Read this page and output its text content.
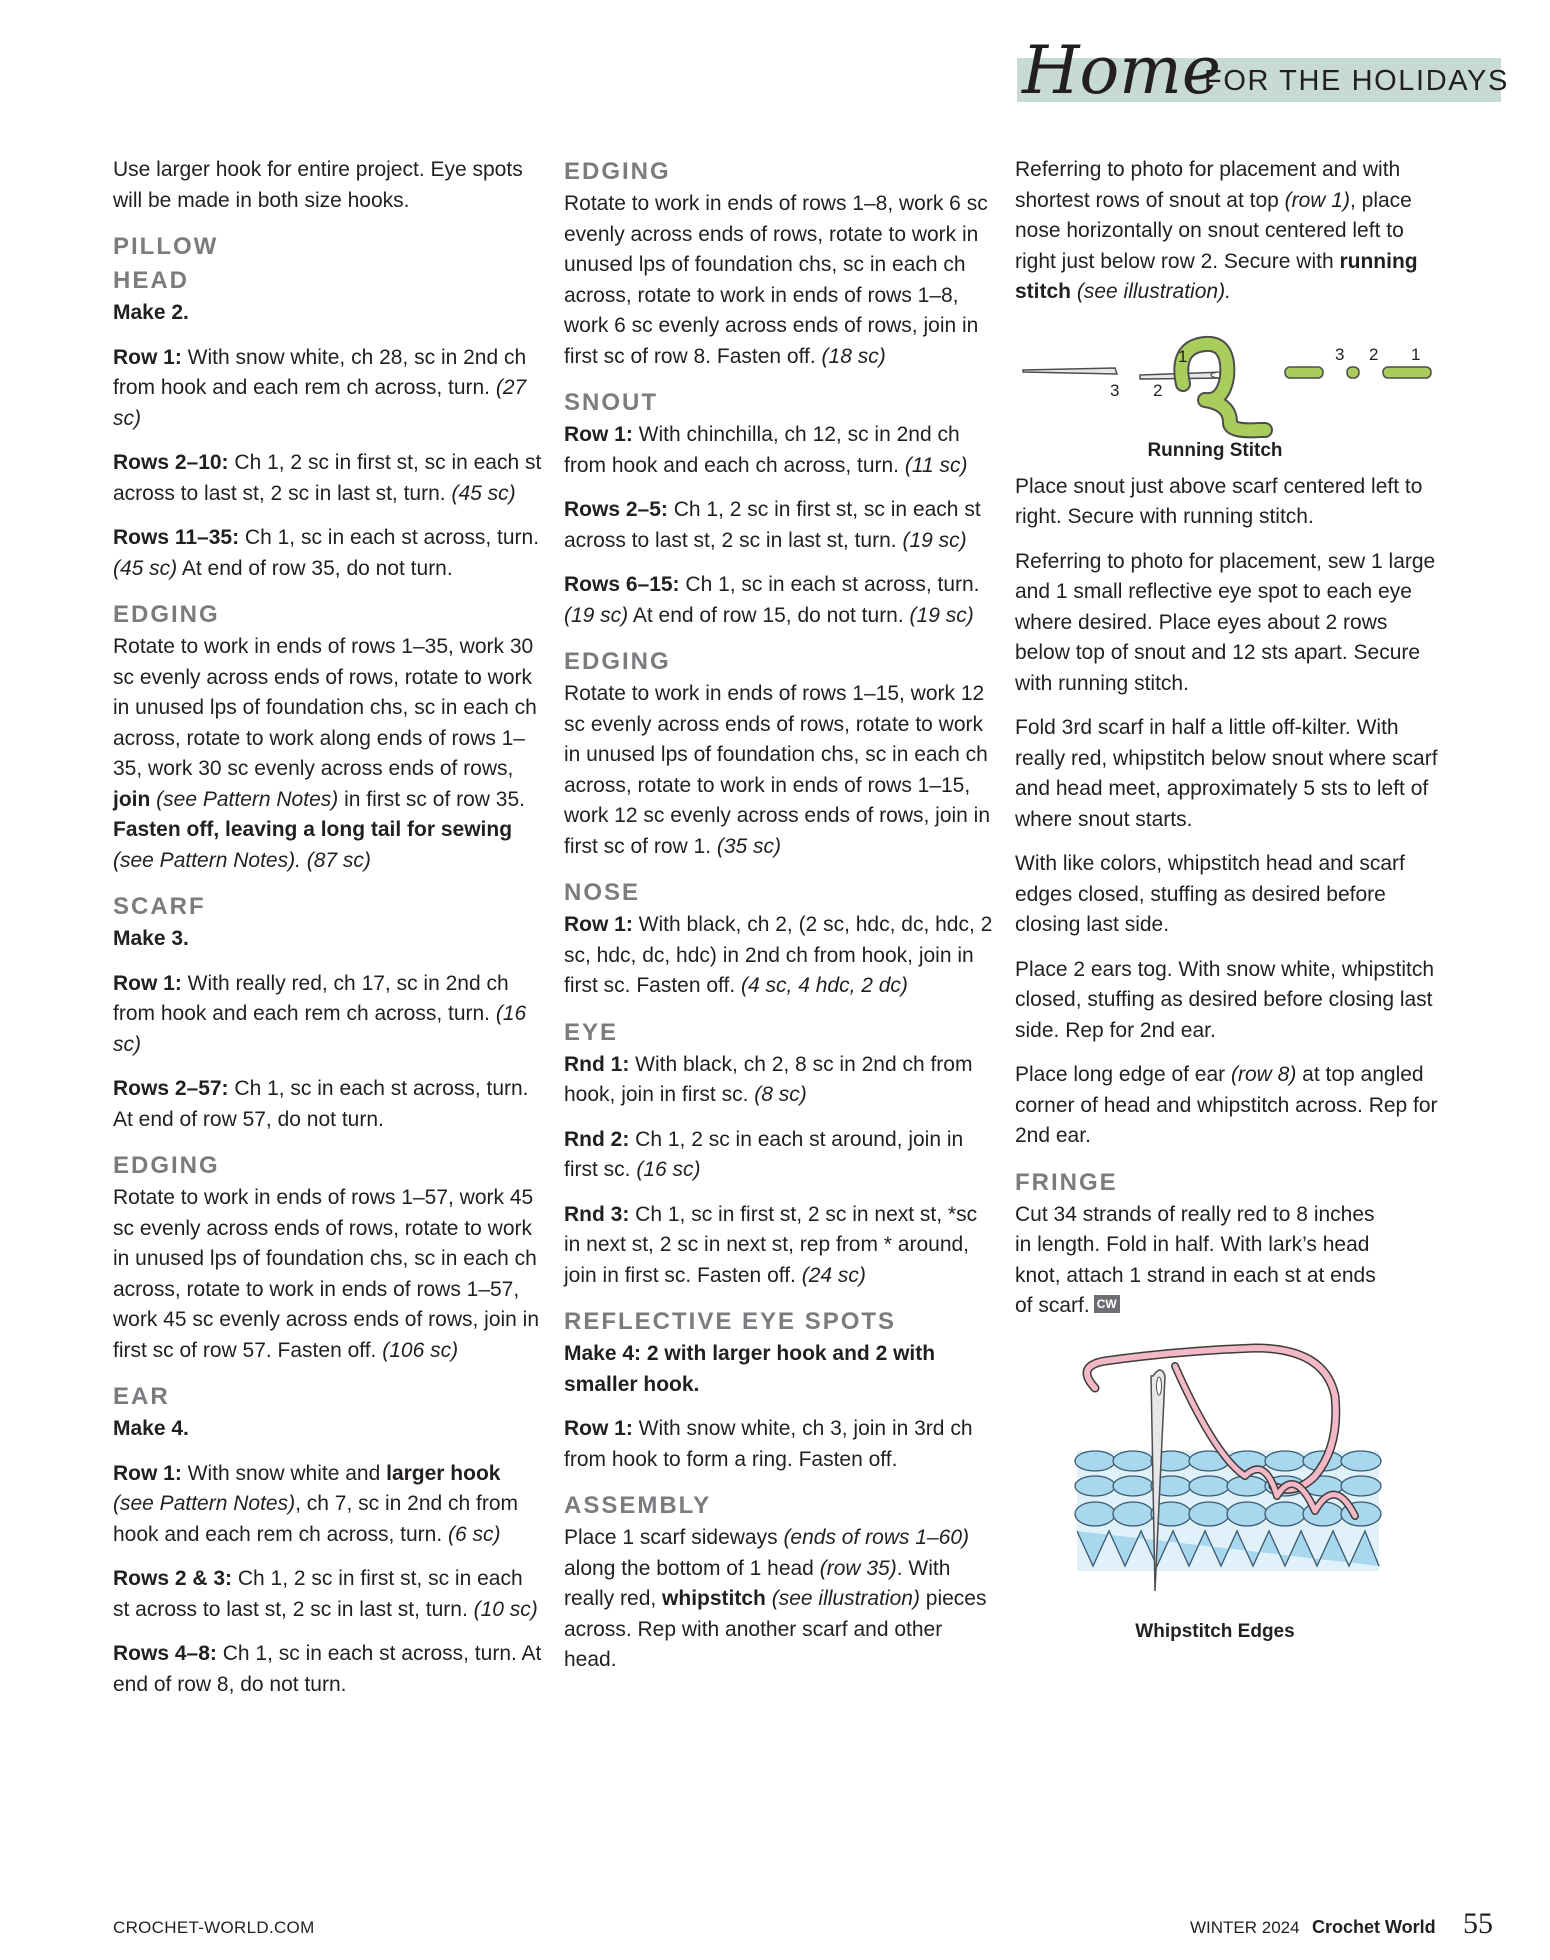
Home
FOR THE HOLIDAYS

Use larger hook for entire project. Eye spots will be made in both size hooks.

PILLOW
HEAD

Make 2.

Row 1: With snow white, ch 28, sc in 2nd ch from hook and each rem ch across, turn. (27 sc)

Rows 2–10: Ch 1, 2 sc in first st, sc in each st across to last st, 2 sc in last st, turn. (45 sc)

Rows 11–35: Ch 1, sc in each st across, turn. (45 sc) At end of row 35, do not turn.

EDGING

Rotate to work in ends of rows 1–35, work 30 sc evenly across ends of rows, rotate to work in unused lps of foundation chs, sc in each ch across, rotate to work along ends of rows 1–35, work 30 sc evenly across ends of rows, join (see Pattern Notes) in first sc of row 35. Fasten off, leaving a long tail for sewing (see Pattern Notes). (87 sc)

SCARF

Make 3.

Row 1: With really red, ch 17, sc in 2nd ch from hook and each rem ch across, turn. (16 sc)

Rows 2–57: Ch 1, sc in each st across, turn. At end of row 57, do not turn.

EDGING

Rotate to work in ends of rows 1–57, work 45 sc evenly across ends of rows, rotate to work in unused lps of foundation chs, sc in each ch across, rotate to work in ends of rows 1–57, work 45 sc evenly across ends of rows, join in first sc of row 57. Fasten off. (106 sc)

EAR

Make 4.

Row 1: With snow white and larger hook (see Pattern Notes), ch 7, sc in 2nd ch from hook and each rem ch across, turn. (6 sc)

Rows 2 & 3: Ch 1, 2 sc in first st, sc in each st across to last st, 2 sc in last st, turn. (10 sc)

Rows 4–8: Ch 1, sc in each st across, turn. At end of row 8, do not turn.

EDGING

Rotate to work in ends of rows 1–8, work 6 sc evenly across ends of rows, rotate to work in unused lps of foundation chs, sc in each ch across, rotate to work in ends of rows 1–8, work 6 sc evenly across ends of rows, join in first sc of row 8. Fasten off. (18 sc)

SNOUT

Row 1: With chinchilla, ch 12, sc in 2nd ch from hook and each ch across, turn. (11 sc)

Rows 2–5: Ch 1, 2 sc in first st, sc in each st across to last st, 2 sc in last st, turn. (19 sc)

Rows 6–15: Ch 1, sc in each st across, turn. (19 sc) At end of row 15, do not turn. (19 sc)

EDGING

Rotate to work in ends of rows 1–15, work 12 sc evenly across ends of rows, rotate to work in unused lps of foundation chs, sc in each ch across, rotate to work in ends of rows 1–15, work 12 sc evenly across ends of rows, join in first sc of row 1. (35 sc)

NOSE

Row 1: With black, ch 2, (2 sc, hdc, dc, hdc, 2 sc, hdc, dc, hdc) in 2nd ch from hook, join in first sc. Fasten off. (4 sc, 4 hdc, 2 dc)

EYE

Rnd 1: With black, ch 2, 8 sc in 2nd ch from hook, join in first sc. (8 sc)

Rnd 2: Ch 1, 2 sc in each st around, join in first sc. (16 sc)

Rnd 3: Ch 1, sc in first st, 2 sc in next st, *sc in next st, 2 sc in next st, rep from * around, join in first sc. Fasten off. (24 sc)

REFLECTIVE EYE SPOTS

Make 4: 2 with larger hook and 2 with smaller hook.

Row 1: With snow white, ch 3, join in 3rd ch from hook to form a ring. Fasten off.

ASSEMBLY

Place 1 scarf sideways (ends of rows 1–60) along the bottom of 1 head (row 35). With really red, whipstitch (see illustration) pieces across. Rep with another scarf and other head.

Referring to photo for placement and with shortest rows of snout at top (row 1), place nose horizontally on snout centered left to right just below row 2. Secure with running stitch (see illustration).

1
3 2
3 2 1
Running Stitch

Place snout just above scarf centered left to right. Secure with running stitch.

Referring to photo for placement, sew 1 large and 1 small reflective eye spot to each eye where desired. Place eyes about 2 rows below top of snout and 12 sts apart. Secure with running stitch.

Fold 3rd scarf in half a little off-kilter. With really red, whipstitch below snout where scarf and head meet, approximately 5 sts to left of where snout starts.

With like colors, whipstitch head and scarf edges closed, stuffing as desired before closing last side.

Place 2 ears tog. With snow white, whipstitch closed, stuffing as desired before closing last side. Rep for 2nd ear.

Place long edge of ear (row 8) at top angled corner of head and whipstitch across. Rep for 2nd ear.

FRINGE

Cut 34 strands of really red to 8 inches in length. Fold in half. With lark’s head knot, attach 1 strand in each st at ends of scarf. CW

Whipstitch Edges
CROCHET-WORLD.COM	WINTER 2024 Crochet World 55
